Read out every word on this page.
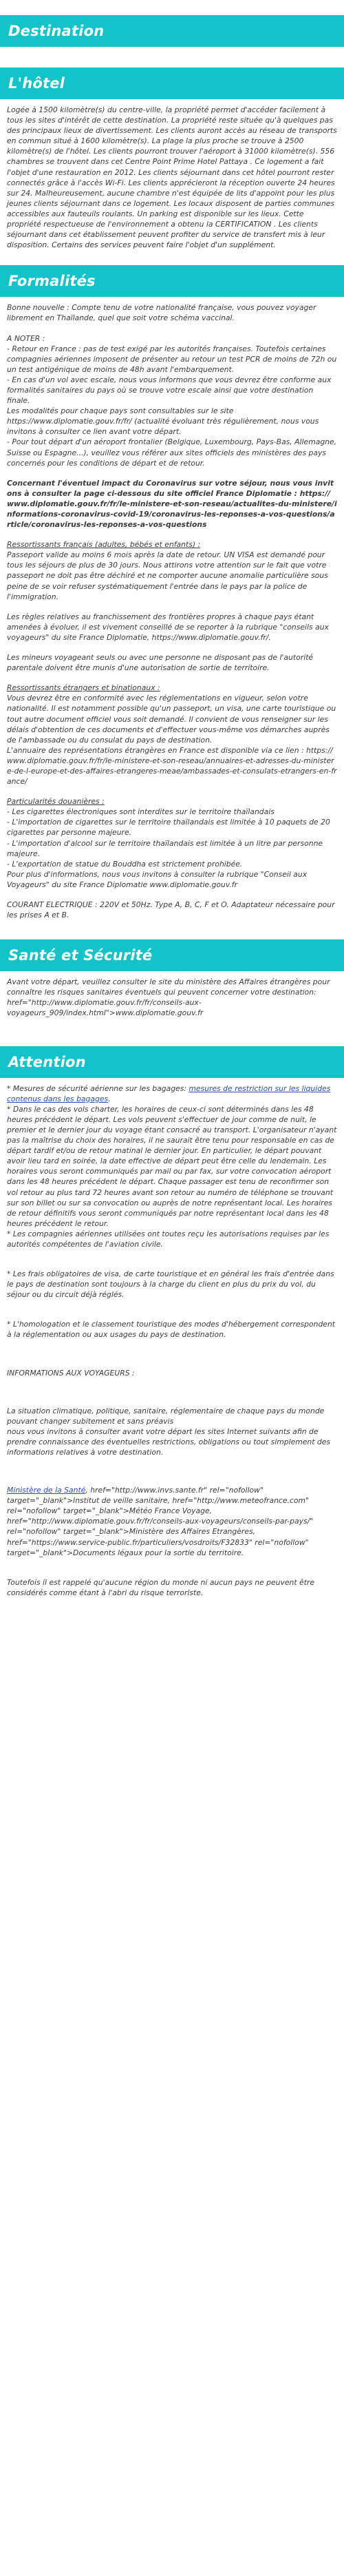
Destination
L'hôtel

Logée à 1500 kilomètre(s) du centre-ville, la propriété permet d'accéder facilement à tous les sites d'intérêt de cette destination. La propriété reste située qu'à quelques pas des principaux lieux de divertissement. Les clients auront accès au réseau de transports en commun situé à 1600 kilomètre(s). La plage la plus proche se trouve à 2500 kilomètre(s) de l'hôtel. Les clients pourront trouver l'aéroport à 31000 kilomètre(s). 556 chambres se trouvent dans cet Centre Point Prime Hotel Pattaya . Ce logement a fait l'objet d'une restauration en 2012. Les clients séjournant dans cet hôtel pourront rester connectés grâce à l'accès Wi-Fi. Les clients apprécieront la réception ouverte 24 heures sur 24. Malheureusement, aucune chambre n'est équipée de lits d'appoint pour les plus jeunes clients séjournant dans ce logement. Les locaux disposent de parties communes accessibles aux fauteuils roulants. Un parking est disponible sur les lieux. Cette propriété respectueuse de l'environnement a obtenu la CERTIFICATION . Les clients séjournant dans cet établissement peuvent profiter du service de transfert mis à leur disposition. Certains des services peuvent faire l'objet d'un supplément.

Formalités

Bonne nouvelle : Compte tenu de votre nationalité française, vous pouvez voyager librement en Thaïlande, quel que soit votre schéma vaccinal.

A NOTER :

- Retour en France : pas de test exigé par les autorités françaises. Toutefois certaines compagnies aériennes imposent de présenter au retour un test PCR de moins de 72h ou un test antigénique de moins de 48h avant l'embarquement.

- En cas d'un vol avec escale, nous vous informons que vous devrez être conforme aux formalités sanitaires du pays où se trouve votre escale ainsi que votre destination finale.

Les modalités pour chaque pays sont consultables sur le site https://www.diplomatie.gouv.fr/fr/ (actualité évoluant très régulièrement, nous vous invitons à consulter ce lien avant votre départ.

- Pour tout départ d'un aéroport frontalier (Belgique, Luxembourg, Pays-Bas, Allemagne, Suisse ou Espagne...), veuillez vous référer aux sites officiels des ministères des pays concernés pour les conditions de départ et de retour.

Concernant l'éventuel impact du Coronavirus sur votre séjour, nous vous invitons à consulter la page ci-dessous du site officiel France Diplomatie : https://www.diplomatie.gouv.fr/fr/le-ministere-et-son-reseau/actualites-du-ministere/informations-coronavirus-covid-19/coronavirus-les-reponses-a-vos-questions/article/coronavirus-les-reponses-a-vos-questions

Ressortissants français (adultes, bébés et enfants) :

Passeport valide au moins 6 mois après la date de retour. UN VISA est demandé pour tous les séjours de plus de 30 jours. Nous attirons votre attention sur le fait que votre passeport ne doit pas être déchiré et ne comporter aucune anomalie particulière sous peine de se voir refuser systématiquement l'entrée dans le pays par la police de l'immigration.

Les règles relatives au franchissement des frontières propres à chaque pays étant amenées à évoluer, il est vivement conseillé de se reporter à la rubrique "conseils aux voyageurs" du site France Diplomatie, https://www.diplomatie.gouv.fr/.

Les mineurs voyageant seuls ou avec une personne ne disposant pas de l'autorité parentale doivent être munis d'une autorisation de sortie de territoire.

Ressortissants étrangers et binationaux :

Vous devrez être en conformité avec les réglementations en vigueur, selon votre nationalité. Il est notamment possible qu'un passeport, un visa, une carte touristique ou tout autre document officiel vous soit demandé. Il convient de vous renseigner sur les délais d'obtention de ces documents et d'effectuer vous-même vos démarches auprès de l'ambassade ou du consulat du pays de destination.

L'annuaire des représentations étrangères en France est disponible via ce lien : https://www.diplomatie.gouv.fr/fr/le-ministere-et-son-reseau/annuaires-et-adresses-du-ministere-de-l-europe-et-des-affaires-etrangeres-meae/ambassades-et-consulats-etrangers-en-france/

Particularités douanières :

- Les cigarettes électroniques sont interdites sur le territoire thaïlandais
- L'importation de cigarettes sur le territoire thaïlandais est limitée à 10 paquets de 20 cigarettes par personne majeure.
- L'importation d'alcool sur le territoire thaïlandais est limitée à un litre par personne majeure.
- L'exportation de statue du Bouddha est strictement prohibée.
Pour plus d'informations, nous vous invitons à consulter la rubrique "Conseil aux Voyageurs" du site France Diplomatie www.diplomatie.gouv.fr

COURANT ELECTRIQUE : 220V et 50Hz. Type A, B, C, F et O. Adaptateur nécessaire pour les prises A et B.

Santé et Sécurité

Avant votre départ, veuillez consulter le site du ministère des Affaires étrangères pour connaître les risques sanitaires éventuels qui peuvent concerner votre destination: href="http://www.diplomatie.gouv.fr/fr/conseils-aux-voyageurs_909/index.html">www.diplomatie.gouv.fr

Attention

* Mesures de sécurité aérienne sur les bagages: mesures de restriction sur les liquides contenus dans les bagages.

* Dans le cas des vols charter, les horaires de ceux-ci sont déterminés dans les 48 heures précédent le départ. Les vols peuvent s'effectuer de jour comme de nuit, le premier et le dernier jour du voyage étant consacré au transport. L'organisateur n'ayant pas la maîtrise du choix des horaires, il ne saurait être tenu pour responsable en cas de départ tardif et/ou de retour matinal le dernier jour. En particulier, le départ pouvant avoir lieu tard en soirée, la date effective de départ peut être celle du lendemain. Les horaires vous seront communiqués par mail ou par fax, sur votre convocation aéroport dans les 48 heures précédent le départ. Chaque passager est tenu de reconfirmer son vol retour au plus tard 72 heures avant son retour au numéro de téléphone se trouvant sur son billet ou sur sa convocation ou auprès de notre représentant local. Les horaires de retour définitifs vous seront communiqués par notre représentant local dans les 48 heures précédent le retour.
* Les compagnies aériennes utilisées ont toutes reçu les autorisations requises par les autorités compétentes de l'aviation civile.

* Les frais obligatoires de visa, de carte touristique et en général les frais d'entrée dans le pays de destination sont toujours à la charge du client en plus du prix du vol, du séjour ou du circuit déjà réglés.

* L'homologation et le classement touristique des modes d'hébergement correspondent à la réglementation ou aux usages du pays de destination.

INFORMATIONS AUX VOYAGEURS :

La situation climatique, politique, sanitaire, réglementaire de chaque pays du monde pouvant changer subitement et sans préavis
nous vous invitons à consulter avant votre départ les sites Internet suivants afin de prendre connaissance des éventuelles restrictions, obligations ou tout simplement des informations relatives à votre destination.

Ministère de la Santé, href="http://www.invs.sante.fr" rel="nofollow" target="_blank">Institut de veille sanitaire, href="http://www.meteofrance.com" rel="nofollow" target="_blank">Météo France Voyage, href="http://www.diplomatie.gouv.fr/fr/conseils-aux-voyageurs/conseils-par-pays/" rel="nofollow" target="_blank">Ministère des Affaires Etrangères, href="https://www.service-public.fr/particuliers/vosdroits/F32833" rel="nofollow" target="_blank">Documents légaux pour la sortie du territoire.

Toutefois il est rappelé qu'aucune région du monde ni aucun pays ne peuvent être considérés comme étant à l'abri du risque terroriste.
